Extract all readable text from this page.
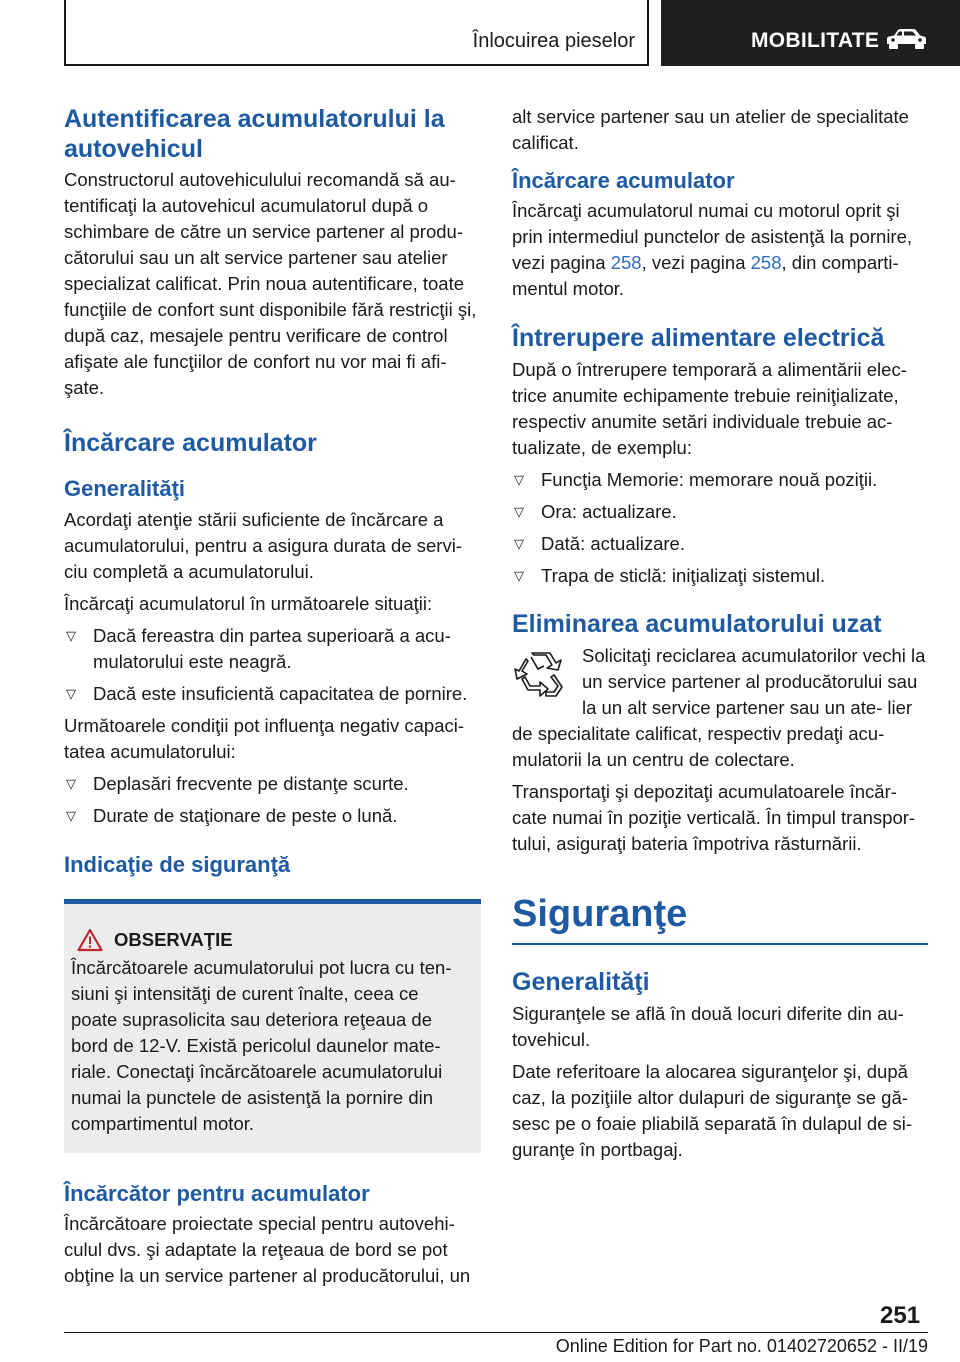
Înlocuirea pieselor	MOBILITATE
Autentificarea acumulatorului la autovehicul
Constructorul autovehiculului recomandă să au- tentificaţi la autovehicul acumulatorul după o schimbare de către un service partener al produ- cătorului sau un alt service partener sau atelier specializat calificat. Prin noua autentificare, toate funcţiile de confort sunt disponibile fără restricţii şi, după caz, mesajele pentru verificare de control afişate ale funcţiilor de confort nu vor mai fi afi- şate.
Încărcare acumulator
Generalităţi
Acordaţi atenţie stării suficiente de încărcare a acumulatorului, pentru a asigura durata de servi- ciu completă a acumulatorului.
Încărcaţi acumulatorul în următoarele situaţii:
▽ Dacă fereastra din partea superioară a acu- mulatorului este neagră.
▽ Dacă este insuficientă capacitatea de pornire.
Următoarele condiţii pot influenţa negativ capaci- tatea acumulatorului:
▽ Deplasări frecvente pe distanţe scurte.
▽ Durate de staţionare de peste o lună.
Indicaţie de siguranţă
OBSERVAŢIE
Încărcătoarele acumulatorului pot lucra cu ten- siuni şi intensităţi de curent înalte, ceea ce poate suprasolicita sau deteriora reţeaua de bord de 12-V. Există pericolul daunelor mate- riale. Conectaţi încărcătoarele acumulatorului numai la punctele de asistenţă la pornire din compartimentul motor.
Încărcător pentru acumulator
Încărcătoare proiectate special pentru autovehi- culul dvs. şi adaptate la reţeaua de bord se pot obţine la un service partener al producătorului, un
alt service partener sau un atelier de specialitate calificat.
Încărcare acumulator
Încărcaţi acumulatorul numai cu motorul oprit şi prin intermediul punctelor de asistenţă la pornire, vezi pagina 258, vezi pagina 258, din comparti- mentul motor.
Întrerupere alimentare electrică
După o întrerupere temporară a alimentării elec- trice anumite echipamente trebuie reiniţializate, respectiv anumite setări individuale trebuie ac- tualizate, de exemplu:
▽ Funcţia Memorie: memorare nouă poziţii.
▽ Ora: actualizare.
▽ Dată: actualizare.
▽ Trapa de sticlă: iniţializaţi sistemul.
Eliminarea acumulatorului uzat
Solicitaţi reciclarea acumulatorilor vechi la un service partener al producătorului sau la un alt service partener sau un ate- lier de specialitate calificat, respectiv predaţi acu- mulatorii la un centru de colectare.
Transportaţi şi depozitaţi acumulatoarele încăr- cate numai în poziţie verticală. În timpul transpor- tului, asiguraţi bateria împotriva răsturnării.
Siguranţe
Generalităţi
Siguranţele se află în două locuri diferite din au- tovehicul.
Date referitoare la alocarea siguranţelor şi, după caz, la poziţiile altor dulapuri de siguranţe se gă- sesc pe o foaie pliabilă separată în dulapul de si- guranţe în portbagaj.
251
Online Edition for Part no. 01402720652 - II/19
